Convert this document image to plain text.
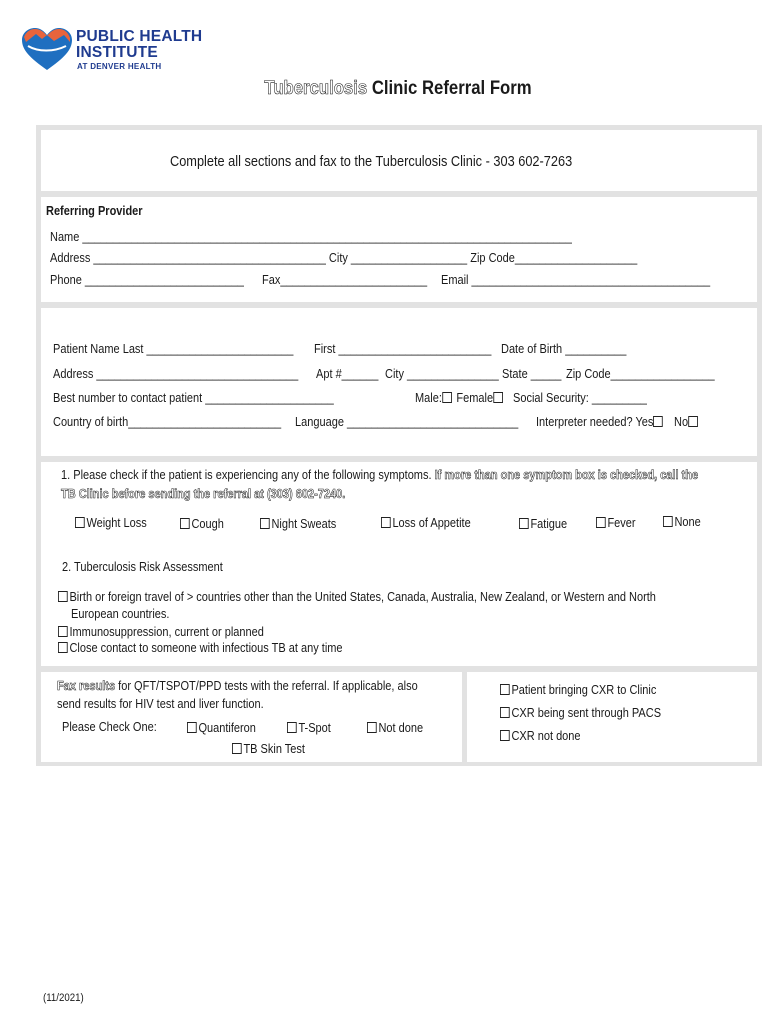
PUBLIC HEALTH
INSTITUTE
AT DENVER HEALTH
Tuberculosis Clinic Referral Form
Complete all sections and fax to the Tuberculosis Clinic - 303 602-7263
Referring Provider
Name ________________________________________________________________________________
Address ______________________________________ City ___________________ Zip Code____________________
Phone __________________________ Fax________________________ Email _______________________________________
Patient Name Last ________________________ First _________________________ Date of Birth __________
Address _________________________________ Apt #______ City _______________ State _____ Zip Code_________________
Best number to contact patient _____________________	Male: Female	Social Security: _________
Country of birth_________________________ Language ____________________________ Interpreter needed? Yes No
1. Please check if the patient is experiencing any of the following symptoms. If more than one symptom box is checked, call the
TB Clinic before sending the referral at (303) 602-7240.
Weight Loss	Cough	Night Sweats	Loss of Appetite	Fatigue	Fever	None
2. Tuberculosis Risk Assessment
Birth or foreign travel of > countries other than the United States, Canada, Australia, New Zealand, or Western and North
European countries.
Immunosuppression, current or planned
Close contact to someone with infectious TB at any time
Fax results for QFT/TSPOT/PPD tests with the referral. If applicable, also
send results for HIV test and liver function.
Please Check One:	Quantiferon	T-Spot	Not done
TB Skin Test
Patient bringing CXR to Clinic
CXR being sent through PACS
CXR not done
(11/2021)
